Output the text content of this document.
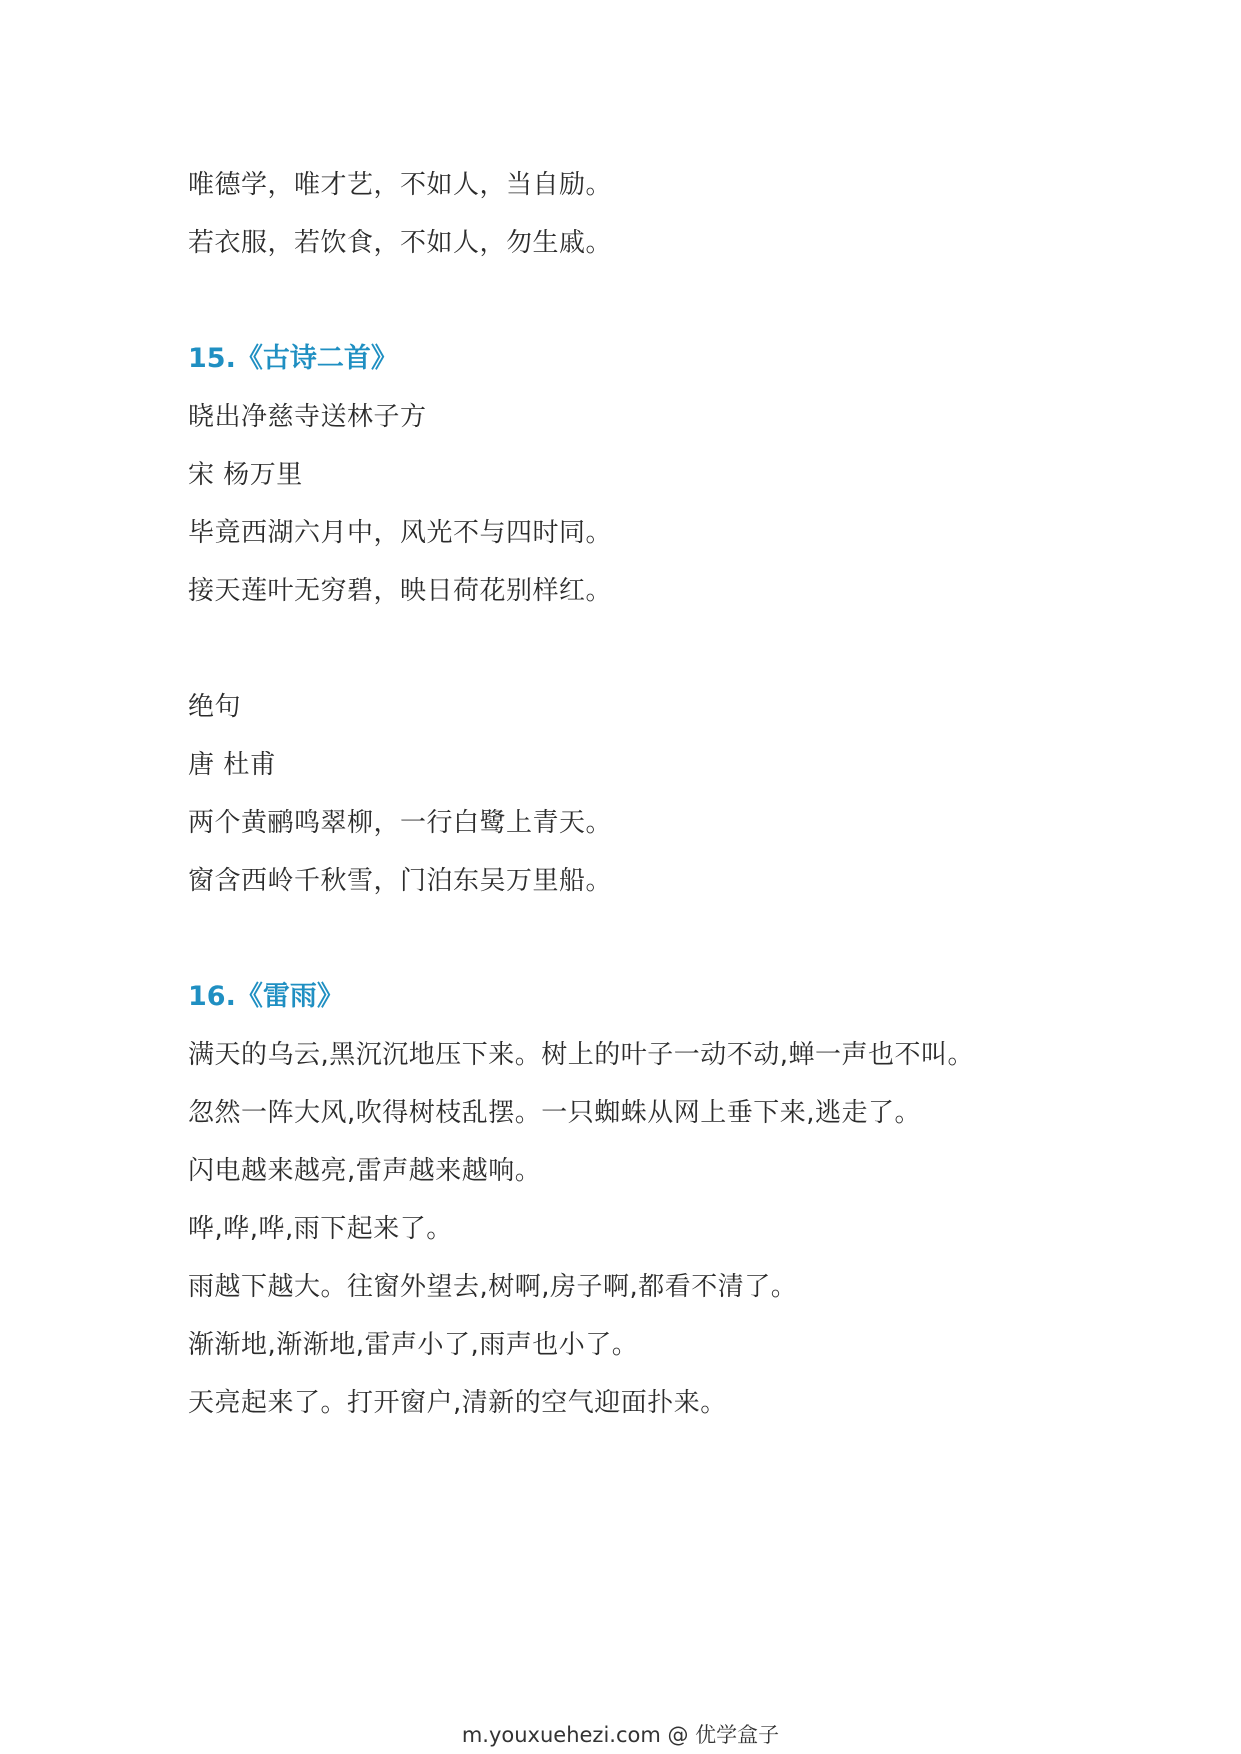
唯德学，唯才艺，不如人，当自励。
若衣服，若饮食，不如人，勿生戚。
15.《古诗二首》
晓出净慈寺送林子方
宋 杨万里
毕竟西湖六月中，风光不与四时同。
接天莲叶无穷碧，映日荷花别样红。
绝句
唐 杜甫
两个黄鹂鸣翠柳，一行白鹭上青天。
窗含西岭千秋雪，门泊东吴万里船。
16.《雷雨》
满天的乌云,黑沉沉地压下来。树上的叶子一动不动,蝉一声也不叫。
忽然一阵大风,吹得树枝乱摆。一只蜘蛛从网上垂下来,逃走了。
闪电越来越亮,雷声越来越响。
哗,哗,哗,雨下起来了。
雨越下越大。往窗外望去,树啊,房子啊,都看不清了。
渐渐地,渐渐地,雷声小了,雨声也小了。
天亮起来了。打开窗户,清新的空气迎面扑来。
m.youxuehezi.com @ 优学盒子
